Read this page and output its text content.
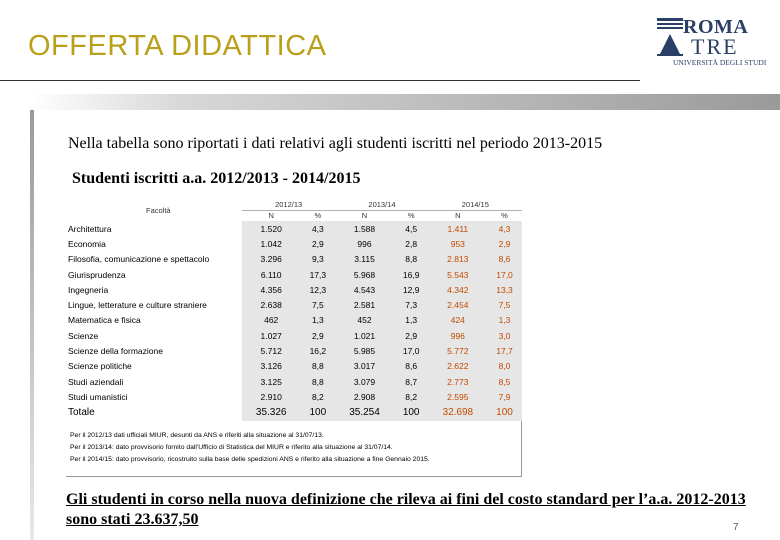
OFFERTA DIDATTICA
ROMA
TRE
UNIVERSITÀ DEGLI STUDI
Nella tabella sono riportati i dati relativi agli studenti iscritti nel periodo 2013-2015
Studenti iscritti a.a. 2012/2013 - 2014/2015
Facoltà	2012/13		2013/14		2014/15	
	N	%	N	%	N	%
Architettura	1.520	4,3	1.588	4,5	1.411	4,3
Economia	1.042	2,9	996	2,8	953	2,9
Filosofia, comunicazione e spettacolo	3.296	9,3	3.115	8,8	2.813	8,6
Giurisprudenza	6.110	17,3	5.968	16,9	5.543	17,0
Ingegneria	4.356	12,3	4.543	12,9	4.342	13,3
Lingue, letterature e culture straniere	2.638	7,5	2.581	7,3	2.454	7,5
Matematica e fisica	462	1,3	452	1,3	424	1,3
Scienze	1.027	2,9	1.021	2,9	996	3,0
Scienze della formazione	5.712	16,2	5.985	17,0	5.772	17,7
Scienze politiche	3.126	8,8	3.017	8,6	2.622	8,0
Studi aziendali	3.125	8,8	3.079	8,7	2.773	8,5
Studi umanistici	2.910	8,2	2.908	8,2	2.595	7,9
Totale	35.326	100	35.254	100	32.698	100
Per il 2012/13 dati ufficiali MIUR, desunti da ANS e riferiti alla situazione al 31/07/13.
Per il 2013/14: dato provvisorio fornito dall'Ufficio di Statistica del MIUR e riferito alla situazione al 31/07/14.
Per il 2014/15: dato provvisorio, ricostruito sulla base delle spedizioni ANS e riferito alla situazione a fine Gennaio 2015.
Gli studenti in corso nella nuova definizione che rileva ai fini del costo standard per l’a.a. 2012-2013 sono stati 23.637,50	7
